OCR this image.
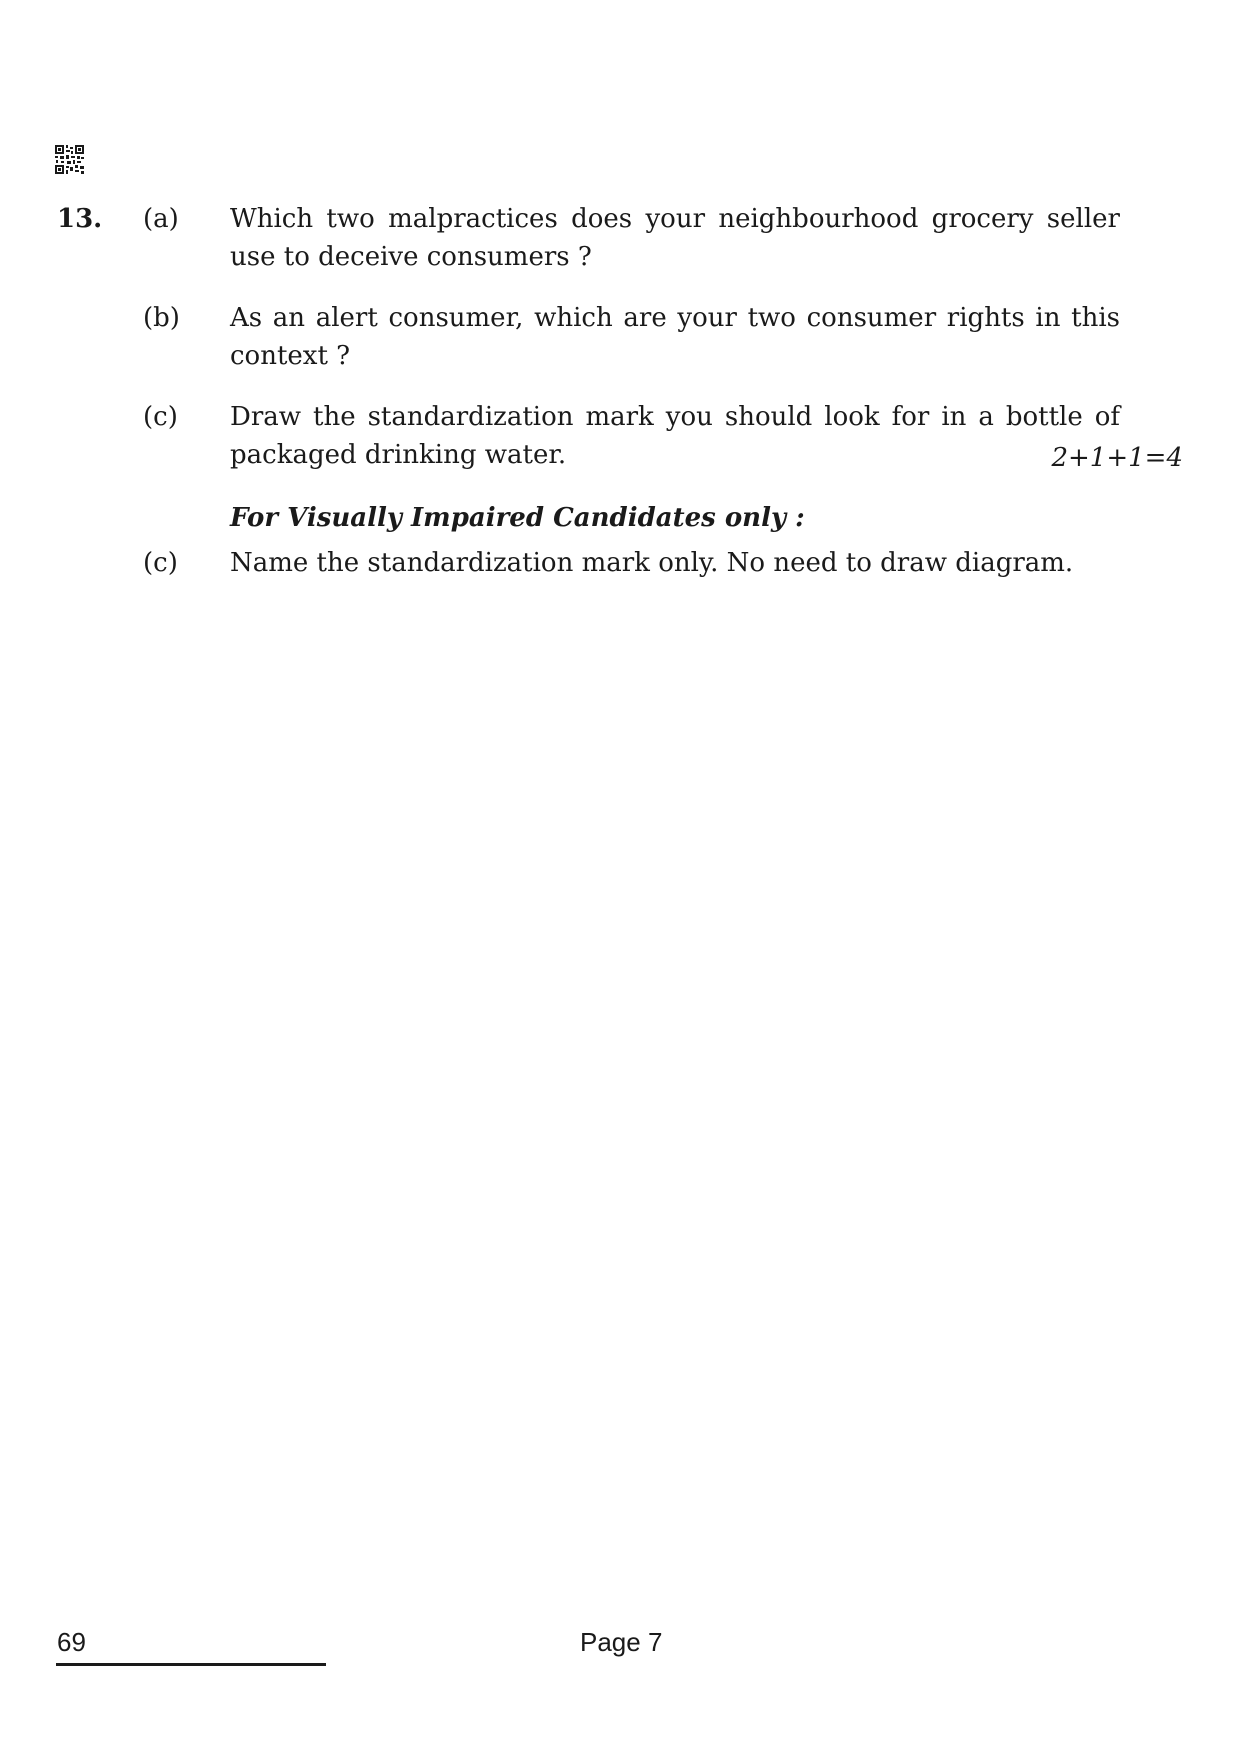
13. (a) Which two malpractices does your neighbourhood grocery seller
use to deceive consumers ?
(b) As an alert consumer, which are your two consumer rights in this
context ?
(c) Draw the standardization mark you should look for in a bottle of
packaged drinking water.	2+1+1=4
For Visually Impaired Candidates only :
(c) Name the standardization mark only. No need to draw diagram.
69	Page 7
